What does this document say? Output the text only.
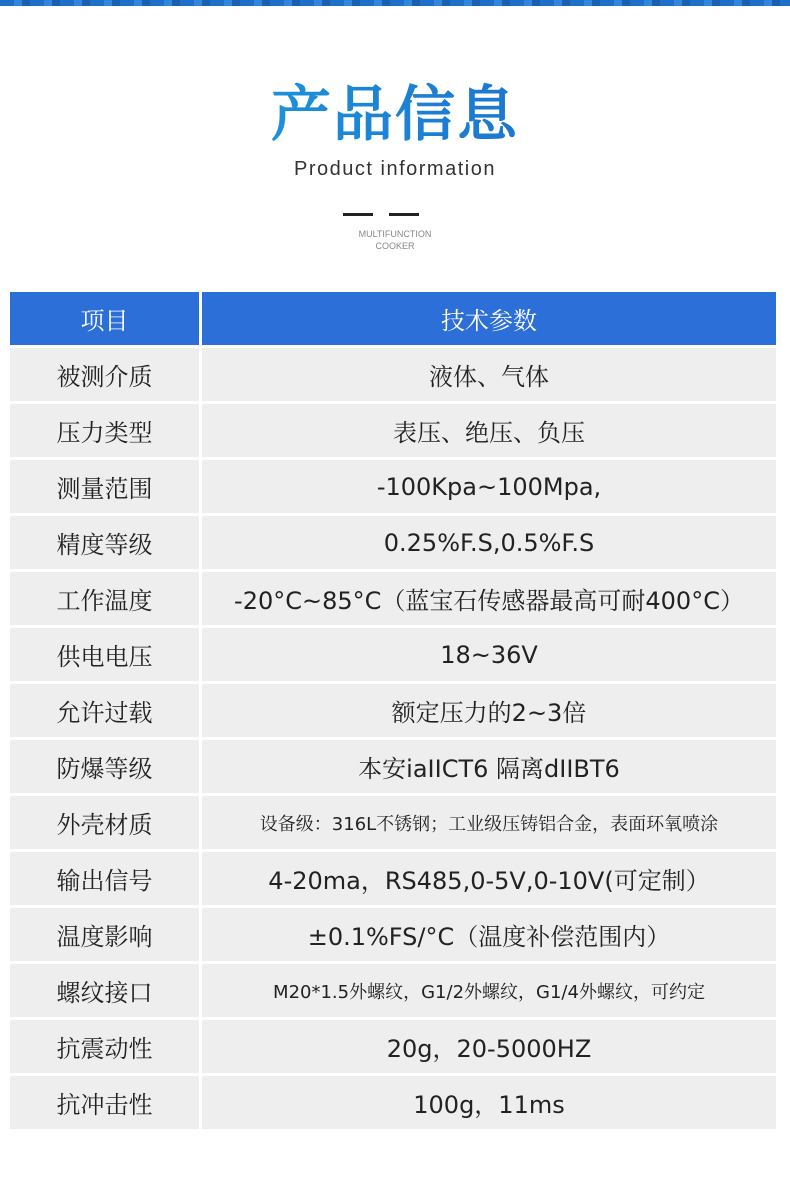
产品信息
Product information
MULTIFUNCTION
COOKER
项目	技术参数
被测介质	液体、气体
压力类型	表压、绝压、负压
测量范围	-100Kpa~100Mpa,
精度等级	0.25%F.S,0.5%F.S
工作温度	-20°C~85°C（蓝宝石传感器最高可耐400°C）
供电电压	18~36V
允许过载	额定压力的2~3倍
防爆等级	本安iaIICT6 隔离dIIBT6
外壳材质	设备级：316L不锈钢；工业级压铸铝合金，表面环氧喷涂
输出信号	4-20ma，RS485,0-5V,0-10V(可定制）
温度影响	±0.1%FS/°C（温度补偿范围内）
螺纹接口	M20*1.5外螺纹，G1/2外螺纹，G1/4外螺纹，可约定
抗震动性	20g，20-5000HZ
抗冲击性	100g，11ms
